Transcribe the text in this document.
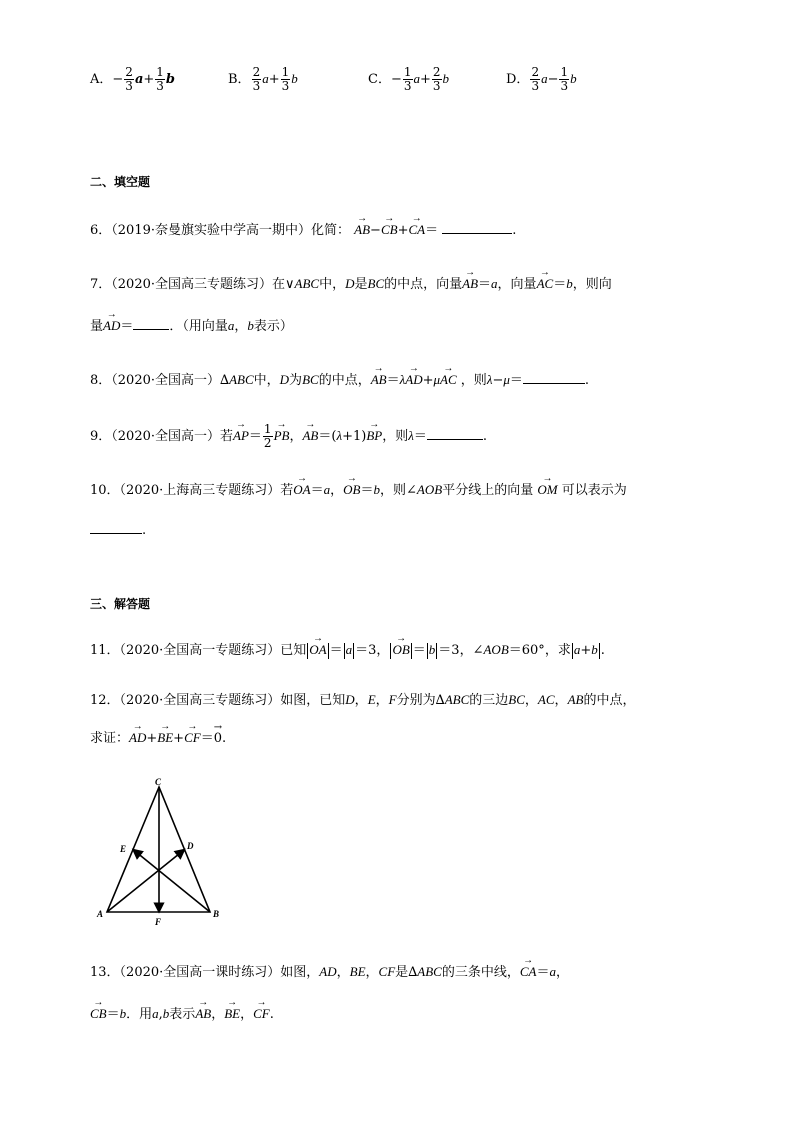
A．− $\frac{2}{3} a+ \frac{1}{3}$ b	B． $\frac{2}{3} a+ \frac{1}{3}$ b	C．− $\frac{1}{3} a+ \frac{2}{3}$ b	D． $\frac{2}{3} a- \frac{1}{3}$ b
二、填空题
6．（2019·奈曼旗实验中学高一期中）化简： → AB−→ CB+→ CA＝	.
7．（2020·全国高三专题练习）在∨ABC中，D是BC的中点，向量→ AB＝a，向量→ AC＝b，则向
量→ AD＝	．（用向量a，b表示）
8．（2020·全国高一）∆ABC中，D为BC的中点，→ AB＝λ→ AD+μ→ AC ，则λ−μ＝	.
9．（2020·全国高一）若→ $AP= \frac{1}{2}$ → PB，→ AB＝(λ+1)→ BP，则λ＝	.
10．（2020·上海高三专题练习）若→ OA＝a，→ OB＝b，则∠AOB平分线上的向量 → OM 可以表示为
.
三、解答题
11．（2020·全国高一专题练习）已知 → OA ＝ a ＝3， → OB ＝ b ＝3，∠AOB＝60°，求 a+b .
12．（2020·全国高三专题练习）如图，已知D，E，F分别为∆ABC的三边BC，AC，AB的中点，
求证：→ AD+→ BE+→ CF＝→ 0.
C
E	D
A	B
F
13．（2020·全国高一课时练习）如图，AD，BE，CF是∆ABC的三条中线，→ CA＝a，
→ CB＝b．用a,b表示→ AB，→ BE，→ CF.
